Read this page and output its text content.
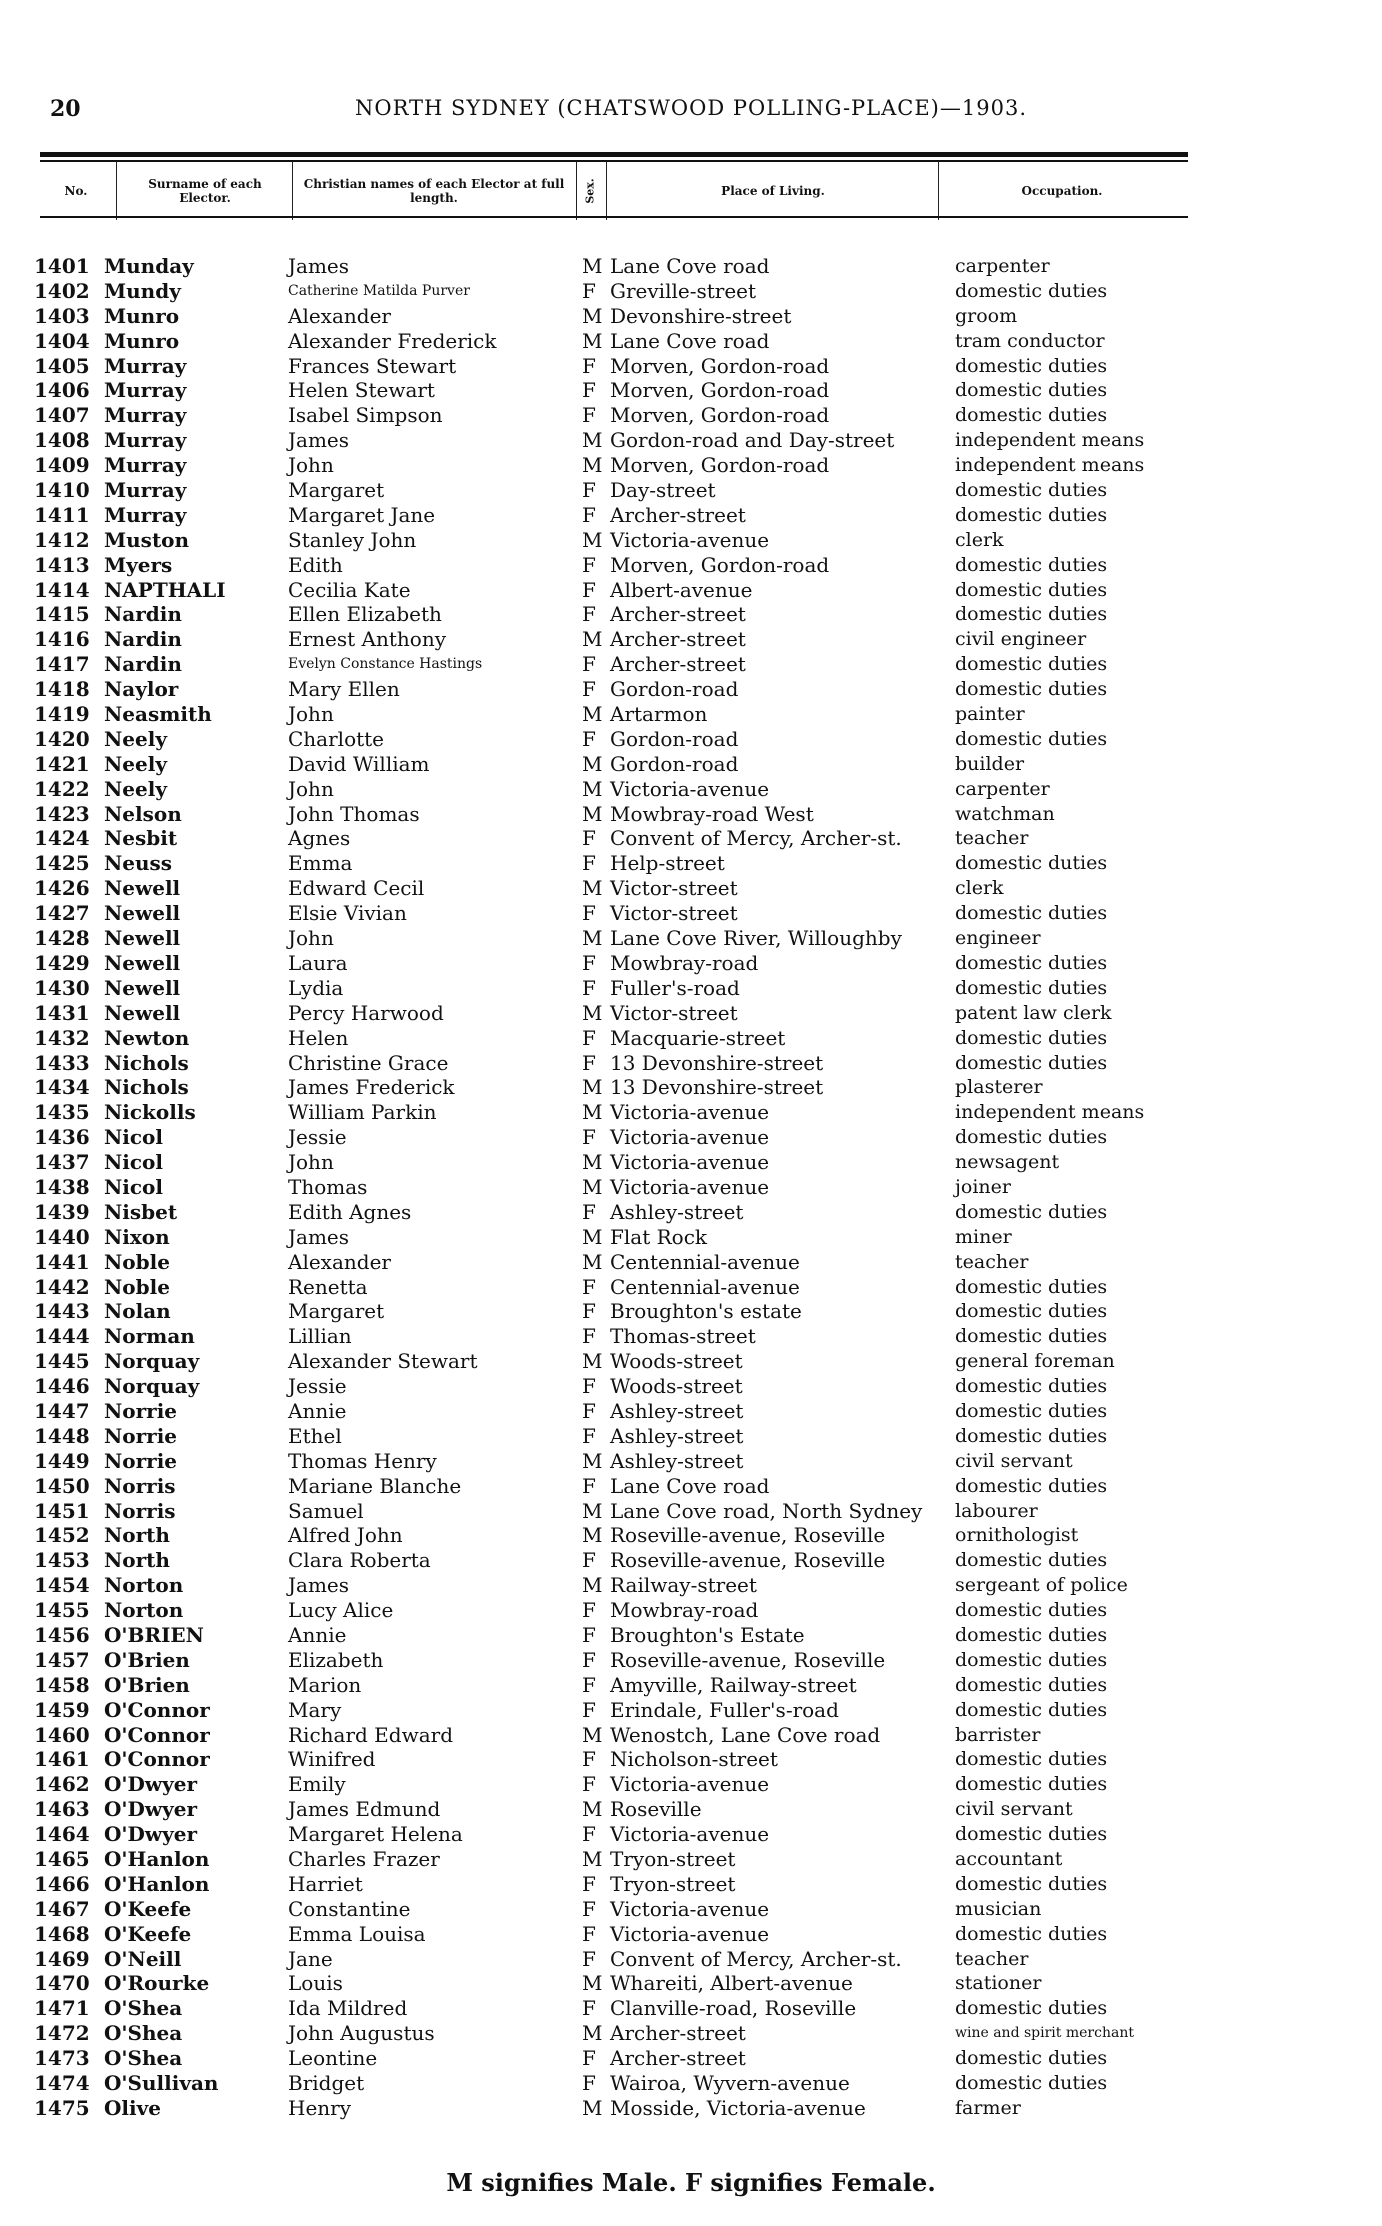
NORTH SYDNEY (CHATSWOOD POLLING-PLACE)—1903.
20
No.	Surname of each Elector.
Christian names of each Elector at full length.	Sex.	Place of Living.	Occupation.
1401 Munday	James	M Lane Cove road	carpenter
1402 Mundy	Catherine Matilda Purver	F Greville-street	domestic duties
1403 Munro	Alexander	M Devonshire-street	groom
1404 Munro	Alexander Frederick	M Lane Cove road	tram conductor
1405 Murray	Frances Stewart	F Morven, Gordon-road	domestic duties
1406 Murray	Helen Stewart	F Morven, Gordon-road	domestic duties
1407 Murray	Isabel Simpson	F Morven, Gordon-road	domestic duties
1408 Murray	James	M Gordon-road and Day-street	independent means
1409 Murray	John	M Morven, Gordon-road	independent means
1410 Murray	Margaret	F Day-street	domestic duties
1411 Murray	Margaret Jane	F Archer-street	domestic duties
1412 Muston	Stanley John	M Victoria-avenue	clerk
1413 Myers	Edith	F Morven, Gordon-road	domestic duties
1414 NAPTHALI	Cecilia Kate	F Albert-avenue	domestic duties
1415 Nardin	Ellen Elizabeth	F Archer-street	domestic duties
1416 Nardin	Ernest Anthony	M Archer-street	civil engineer
1417 Nardin	Evelyn Constance Hastings	F Archer-street	domestic duties
1418 Naylor	Mary Ellen	F Gordon-road	domestic duties
1419 Neasmith	John	M Artarmon	painter
1420 Neely	Charlotte	F Gordon-road	domestic duties
1421 Neely	David William	M Gordon-road	builder
1422 Neely	John	M Victoria-avenue	carpenter
1423 Nelson	John Thomas	M Mowbray-road West	watchman
1424 Nesbit	Agnes	F Convent of Mercy, Archer-st.	teacher
1425 Neuss	Emma	F Help-street	domestic duties
1426 Newell	Edward Cecil	M Victor-street	clerk
1427 Newell	Elsie Vivian	F Victor-street	domestic duties
1428 Newell	John	M Lane Cove River, Willoughby	engineer
1429 Newell	Laura	F Mowbray-road	domestic duties
1430 Newell	Lydia	F Fuller's-road	domestic duties
1431 Newell	Percy Harwood	M Victor-street	patent law clerk
1432 Newton	Helen	F Macquarie-street	domestic duties
1433 Nichols	Christine Grace	F 13 Devonshire-street	domestic duties
1434 Nichols	James Frederick	M 13 Devonshire-street	plasterer
1435 Nickolls	William Parkin	M Victoria-avenue	independent means
1436 Nicol	Jessie	F Victoria-avenue	domestic duties
1437 Nicol	John	M Victoria-avenue	newsagent
1438 Nicol	Thomas	M Victoria-avenue	joiner
1439 Nisbet	Edith Agnes	F Ashley-street	domestic duties
1440 Nixon	James	M Flat Rock	miner
1441 Noble	Alexander	M Centennial-avenue	teacher
1442 Noble	Renetta	F Centennial-avenue	domestic duties
1443 Nolan	Margaret	F Broughton's estate	domestic duties
1444 Norman	Lillian	F Thomas-street	domestic duties
1445 Norquay	Alexander Stewart	M Woods-street	general foreman
1446 Norquay	Jessie	F Woods-street	domestic duties
1447 Norrie	Annie	F Ashley-street	domestic duties
1448 Norrie	Ethel	F Ashley-street	domestic duties
1449 Norrie	Thomas Henry	M Ashley-street	civil servant
1450 Norris	Mariane Blanche	F Lane Cove road	domestic duties
1451 Norris	Samuel	M Lane Cove road, North Sydney	labourer
1452 North	Alfred John	M Roseville-avenue, Roseville	ornithologist
1453 North	Clara Roberta	F Roseville-avenue, Roseville	domestic duties
1454 Norton	James	M Railway-street	sergeant of police
1455 Norton	Lucy Alice	F Mowbray-road	domestic duties
1456 O'BRIEN	Annie	F Broughton's Estate	domestic duties
1457 O'Brien	Elizabeth	F Roseville-avenue, Roseville	domestic duties
1458 O'Brien	Marion	F Amyville, Railway-street	domestic duties
1459 O'Connor	Mary	F Erindale, Fuller's-road	domestic duties
1460 O'Connor	Richard Edward	M Wenostch, Lane Cove road	barrister
1461 O'Connor	Winifred	F Nicholson-street	domestic duties
1462 O'Dwyer	Emily	F Victoria-avenue	domestic duties
1463 O'Dwyer	James Edmund	M Roseville	civil servant
1464 O'Dwyer	Margaret Helena	F Victoria-avenue	domestic duties
1465 O'Hanlon	Charles Frazer	M Tryon-street	accountant
1466 O'Hanlon	Harriet	F Tryon-street	domestic duties
1467 O'Keefe	Constantine	F Victoria-avenue	musician
1468 O'Keefe	Emma Louisa	F Victoria-avenue	domestic duties
1469 O'Neill	Jane	F Convent of Mercy, Archer-st.	teacher
1470 O'Rourke	Louis	M Whareiti, Albert-avenue	stationer
1471 O'Shea	Ida Mildred	F Clanville-road, Roseville	domestic duties
1472 O'Shea	John Augustus	M Archer-street	wine and spirit merchant
1473 O'Shea	Leontine	F Archer-street	domestic duties
1474 O'Sullivan	Bridget	F Wairoa, Wyvern-avenue	domestic duties
1475 Olive	Henry	M Mosside, Victoria-avenue	farmer
M signifies Male. F signifies Female.
